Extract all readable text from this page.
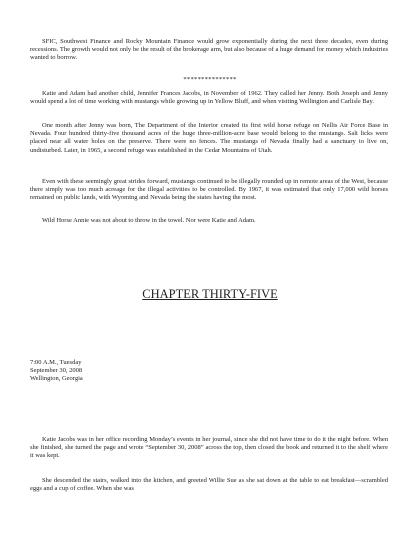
SFIC, Southwest Finance and Rocky Mountain Finance would grow exponentially during the next three decades, even during recessions. The growth would not only be the result of the brokerage arm, but also because of a huge demand for money which industries wanted to borrow.

***************

Katie and Adam had another child, Jennifer Frances Jacobs, in November of 1962. They called her Jenny. Both Joseph and Jenny would spend a lot of time working with mustangs while growing up in Yellow Bluff, and when visiting Wellington and Carlisle Bay.

One month after Jenny was born, The Department of the Interior created its first wild horse refuge on Nellis Air Force Base in Nevada. Four hundred thirty-five thousand acres of the huge three-million-acre base would belong to the mustangs. Salt licks were placed near all water holes on the preserve. There were no fences. The mustangs of Nevada finally had a sanctuary to live on, undisturbed. Later, in 1965, a second refuge was established in the Cedar Mountains of Utah.

Even with these seemingly great strides forward, mustangs continued to be illegally rounded up in remote areas of the West, because there simply was too much acreage for the illegal activities to be controlled. By 1967, it was estimated that only 17,000 wild horses remained on public lands, with Wyoming and Nevada being the states having the most.

Wild Horse Annie was not about to throw in the towel. Nor were Katie and Adam.

CHAPTER THIRTY-FIVE
7:00 A.M., Tuesday
September 30, 2008
Wellington, Georgia

Katie Jacobs was in her office recording Monday’s events in her journal, since she did not have time to do it the night before. When she finished, she turned the page and wrote “September 30, 2008” across the top, then closed the book and returned it to the shelf where it was kept.

She descended the stairs, walked into the kitchen, and greeted Willie Sue as she sat down at the table to eat breakfast—scrambled eggs and a cup of coffee. When she was
